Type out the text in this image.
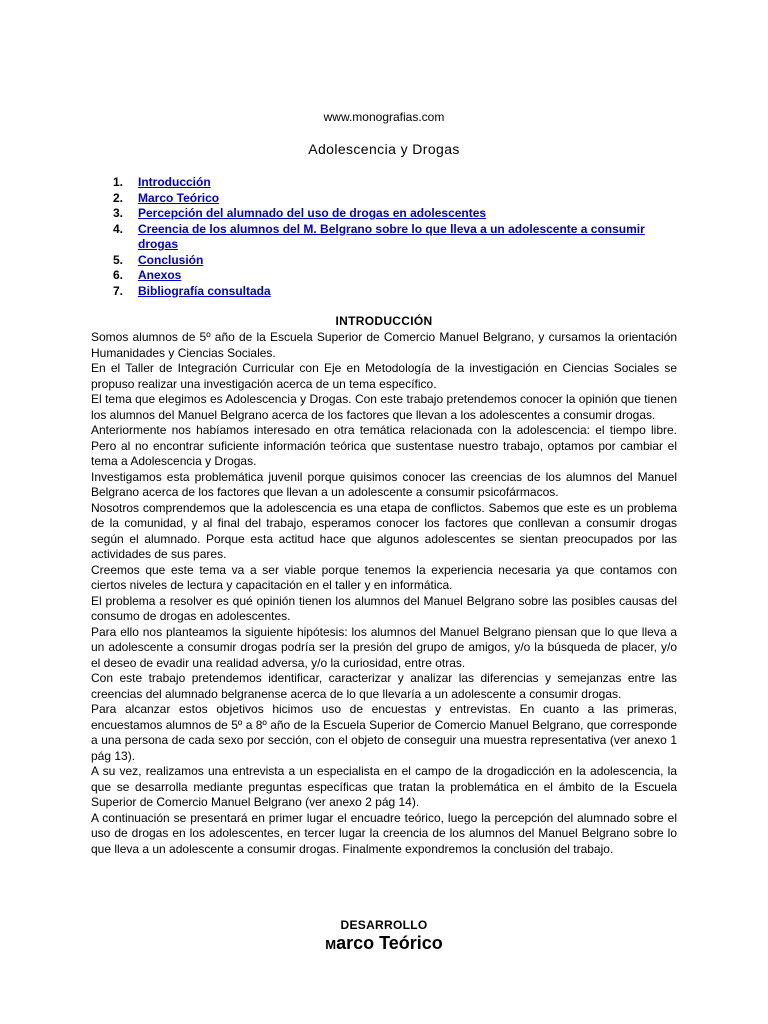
www.monografias.com
Adolescencia y Drogas
1.	Introducción
2.	Marco Teórico
3.	Percepción del alumnado del uso de drogas en adolescentes
4.	Creencia de los alumnos del M. Belgrano sobre lo que lleva a un adolescente a consumir drogas
5.	Conclusión
6.	Anexos
7.	Bibliografía consultada
INTRODUCCIÓN

Somos alumnos de 5º año de la Escuela Superior de Comercio Manuel Belgrano, y cursamos la orientación Humanidades y Ciencias Sociales.

En el Taller de Integración Curricular con Eje en Metodología de la investigación en Ciencias Sociales se propuso realizar una investigación acerca de un tema específico.

El tema que elegimos es Adolescencia y Drogas. Con este trabajo pretendemos conocer la opinión que tienen los alumnos del Manuel Belgrano acerca de los factores que llevan a los adolescentes a consumir drogas.

Anteriormente nos habíamos interesado en otra temática relacionada con la adolescencia: el tiempo libre. Pero al no encontrar suficiente información teórica que sustentase nuestro trabajo, optamos por cambiar el tema a Adolescencia y Drogas.

Investigamos esta problemática juvenil porque quisimos conocer las creencias de los alumnos del Manuel Belgrano acerca de los factores que llevan a un adolescente a consumir psicofármacos.

Nosotros comprendemos que la adolescencia es una etapa de conflictos. Sabemos que este es un problema de la comunidad, y al final del trabajo, esperamos conocer los factores que conllevan a consumir drogas según el alumnado. Porque esta actitud hace que algunos adolescentes se sientan preocupados por las actividades de sus pares.

Creemos que este tema va a ser viable porque tenemos la experiencia necesaria ya que contamos con ciertos niveles de lectura y capacitación en el taller y en informática.

El problema a resolver es qué opinión tienen los alumnos del Manuel Belgrano sobre las posibles causas del consumo de drogas en adolescentes.

Para ello nos planteamos la siguiente hipótesis: los alumnos del Manuel Belgrano piensan que lo que lleva a un adolescente a consumir drogas podría ser la presión del grupo de amigos, y/o la búsqueda de placer, y/o el deseo de evadir una realidad adversa, y/o la curiosidad, entre otras.

Con este trabajo pretendemos identificar, caracterizar y analizar las diferencias y semejanzas entre las creencias del alumnado belgranense acerca de lo que llevaría a un adolescente a consumir drogas.

Para alcanzar estos objetivos hicimos uso de encuestas y entrevistas. En cuanto a las primeras, encuestamos alumnos de 5º a 8º año de la Escuela Superior de Comercio Manuel Belgrano, que corresponde a una persona de cada sexo por sección, con el objeto de conseguir una muestra representativa (ver anexo 1 pág 13).

A su vez, realizamos una entrevista a un especialista en el campo de la drogadicción en la adolescencia, la que se desarrolla mediante preguntas específicas que tratan la problemática en el ámbito de la Escuela Superior de Comercio Manuel Belgrano (ver anexo 2 pág 14).

A continuación se presentará en primer lugar el encuadre teórico, luego la percepción del alumnado sobre el uso de drogas en los adolescentes, en tercer lugar la creencia de los alumnos del Manuel Belgrano sobre lo que lleva a un adolescente a consumir drogas. Finalmente expondremos la conclusión del trabajo.

DESARROLLO
Marco Teórico
